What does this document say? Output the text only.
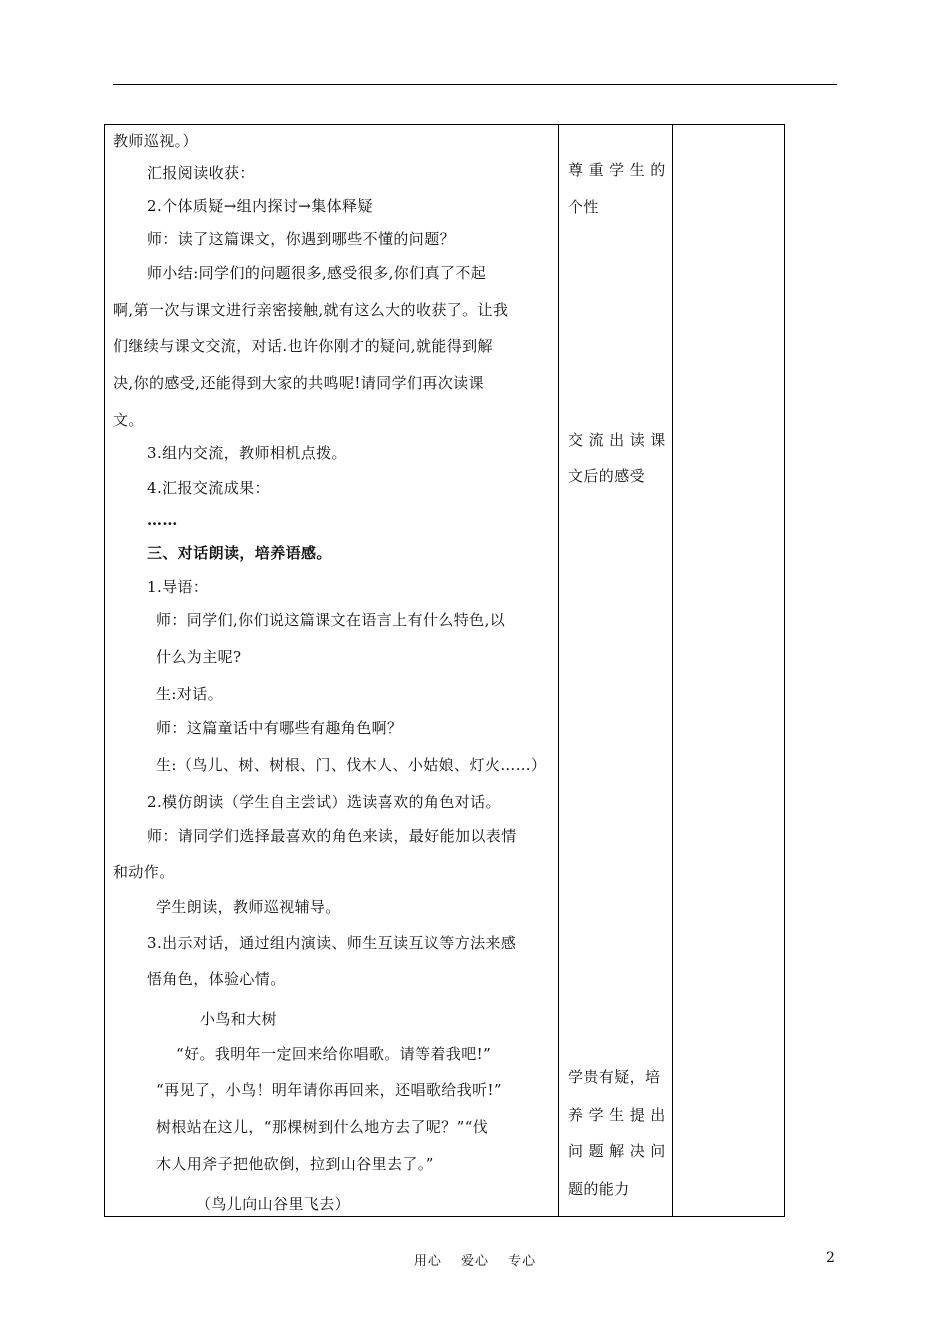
教师巡视。）
汇报阅读收获：
2.个体质疑→组内探讨→集体释疑
师：读了这篇课文，你遇到哪些不懂的问题？
师小结:同学们的问题很多,感受很多,你们真了不起
啊,第一次与课文进行亲密接触,就有这么大的收获了。让我
们继续与课文交流，对话.也许你刚才的疑问,就能得到解
决,你的感受,还能得到大家的共鸣呢!请同学们再次读课
文。
3.组内交流，教师相机点拨。
4.汇报交流成果：
……
三、对话朗读，培养语感。
1.导语：
师：同学们,你们说这篇课文在语言上有什么特色,以
什么为主呢?
生:对话。
师：这篇童话中有哪些有趣角色啊？
生:（鸟儿、树、树根、门、伐木人、小姑娘、灯火……）
2.模仿朗读（学生自主尝试）选读喜欢的角色对话。
师：请同学们选择最喜欢的角色来读，最好能加以表情
和动作。
学生朗读，教师巡视辅导。
3.出示对话，通过组内演读、师生互读互议等方法来感
悟角色，体验心情。
小鸟和大树
“好。我明年一定回来给你唱歌。请等着我吧!”
“再见了，小鸟！明年请你再回来，还唱歌给我听!”
树根站在这儿，“那棵树到什么地方去了呢？”“伐
木人用斧子把他砍倒，拉到山谷里去了。”
（鸟儿向山谷里飞去）
尊 重 学 生 的
个性
交 流 出 读 课
文后的感受
学贵有疑，培
养 学 生 提 出
问 题 解 决 问
题的能力
用心 爱心 专心	2
